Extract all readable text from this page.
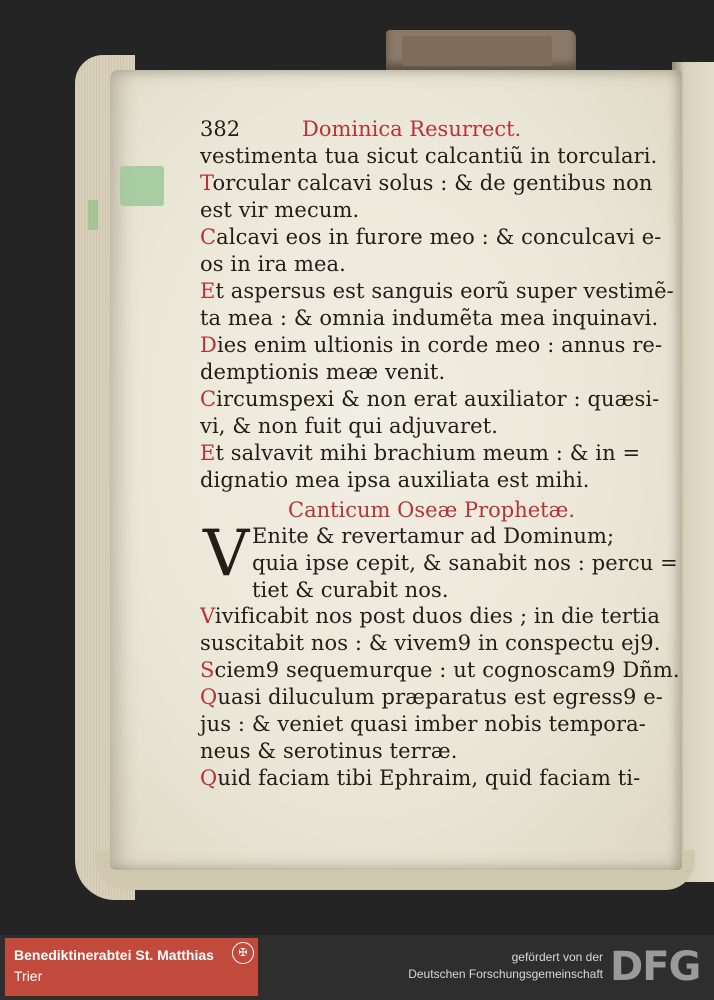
382	Dominica Resurrect.
vestimenta tua sicut calcantiũ in torculari.
Torcular calcavi solus : & de gentibus non
est vir mecum.
Calcavi eos in furore meo : & conculcavi e-
os in ira mea.
Et aspersus est sanguis eorũ super vestimẽ-
ta mea : & omnia indumẽta mea inquinavi.
Dies enim ultionis in corde meo : annus re-
demptionis meæ venit.
Circumspexi & non erat auxiliator : quæsi-
vi, & non fuit qui adjuvaret.
Et salvavit mihi brachium meum : & in =
dignatio mea ipsa auxiliata est mihi.
Canticum Oseæ Prophetæ.
V Enite & revertamur ad Dominum;
quia ipse cepit, & sanabit nos : percu =
tiet & curabit nos.
Vivificabit nos post duos dies ; in die tertia
suscitabit nos : & vivem9 in conspectu ej9.
Sciem9 sequemurque : ut cognoscam9 Dñm.
Quasi diluculum præparatus est egress9 e-
jus : & veniet quasi imber nobis tempora-
neus & serotinus terræ.
Quid faciam tibi Ephraim, quid faciam ti-
Benediktinerabtei St. Matthias
Trier
✠	gefördert von der
Deutschen Forschungsgemeinschaft DFG
